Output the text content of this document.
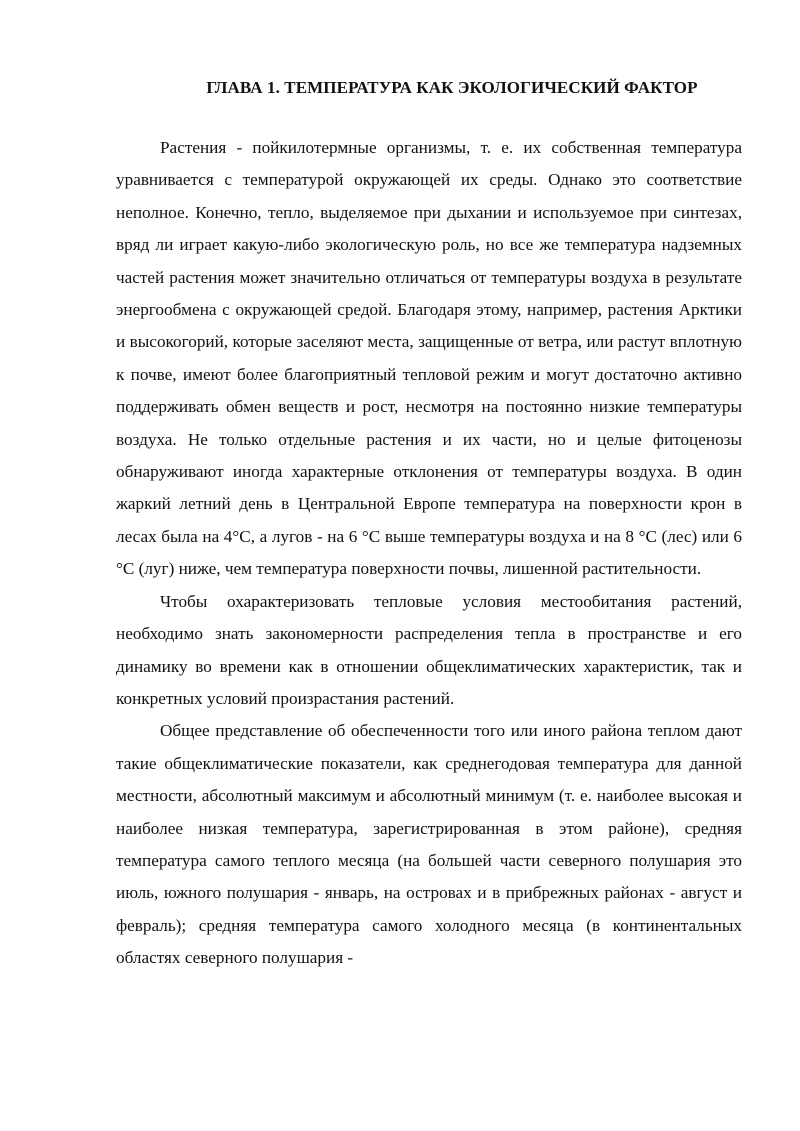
ГЛАВА 1. ТЕМПЕРАТУРА КАК ЭКОЛОГИЧЕСКИЙ ФАКТОР

Растения - пойкилотермные организмы, т. е. их собственная температура уравнивается с температурой окружающей их среды. Однако это соответствие неполное. Конечно, тепло, выделяемое при дыхании и используемое при синтезах, вряд ли играет какую-либо экологическую роль, но все же температура надземных частей растения может значительно отличаться от температуры воздуха в результате энергообмена с окружающей средой. Благодаря этому, например, растения Арктики и высокогорий, которые заселяют места, защищенные от ветра, или растут вплотную к почве, имеют более благоприятный тепловой режим и могут достаточно активно поддерживать обмен веществ и рост, несмотря на постоянно низкие температуры воздуха. Не только отдельные растения и их части, но и целые фитоценозы обнаруживают иногда характерные отклонения от температуры воздуха. В один жаркий летний день в Центральной Европе температура на поверхности крон в лесах была на 4°С, а лугов - на 6 °С выше температуры воздуха и на 8 °С (лес) или 6 °С (луг) ниже, чем температура поверхности почвы, лишенной растительности.

Чтобы охарактеризовать тепловые условия местообитания растений, необходимо знать закономерности распределения тепла в пространстве и его динамику во времени как в отношении общеклиматических характеристик, так и конкретных условий произрастания растений.

Общее представление об обеспеченности того или иного района теплом дают такие общеклиматические показатели, как среднегодовая температура для данной местности, абсолютный максимум и абсолютный минимум (т. е. наиболее высокая и наиболее низкая температура, зарегистрированная в этом районе), средняя температура самого теплого месяца (на большей части северного полушария это июль, южного полушария - январь, на островах и в прибрежных районах - август и февраль); средняя температура самого холодного месяца (в континентальных областях северного полушария -
